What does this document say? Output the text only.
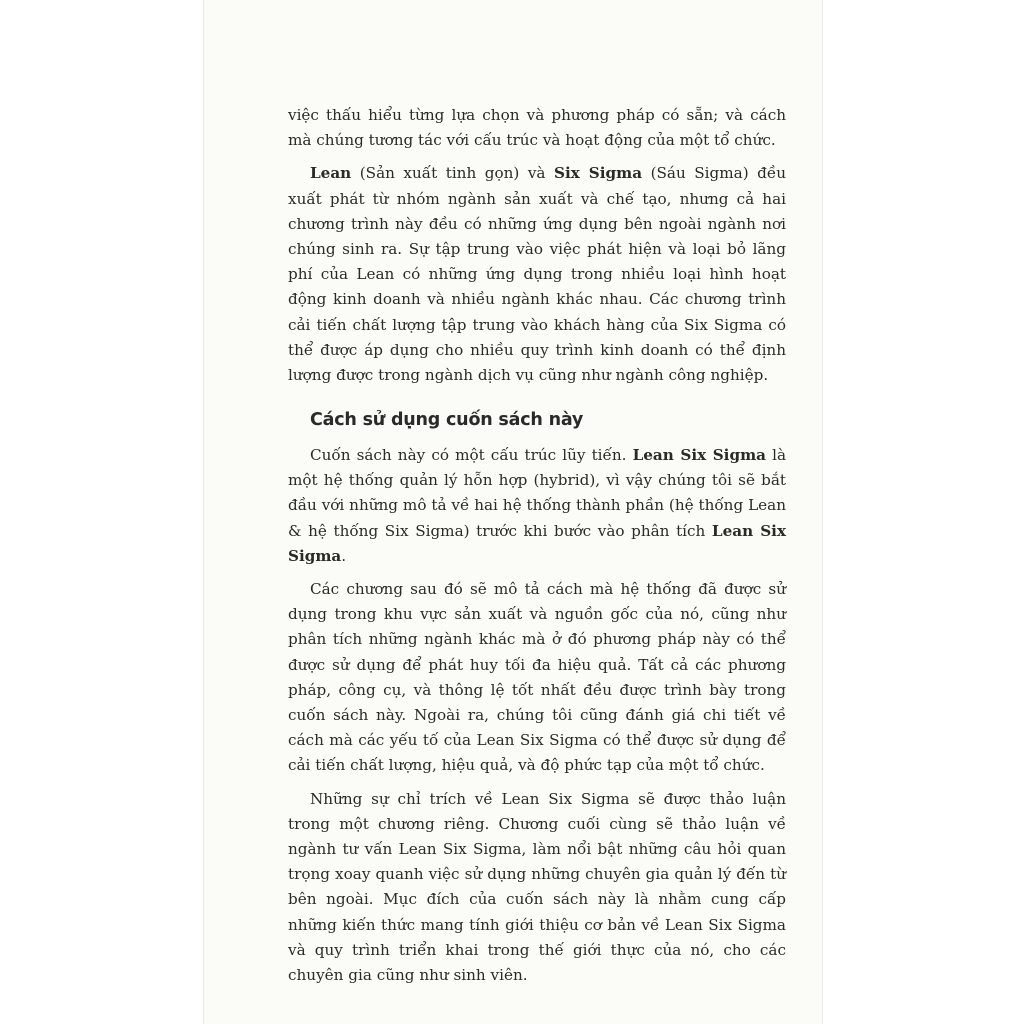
việc thấu hiểu từng lựa chọn và phương pháp có sẵn; và cách mà chúng tương tác với cấu trúc và hoạt động của một tổ chức.

Lean (Sản xuất tinh gọn) và Six Sigma (Sáu Sigma) đều xuất phát từ nhóm ngành sản xuất và chế tạo, nhưng cả hai chương trình này đều có những ứng dụng bên ngoài ngành nơi chúng sinh ra. Sự tập trung vào việc phát hiện và loại bỏ lãng phí của Lean có những ứng dụng trong nhiều loại hình hoạt động kinh doanh và nhiều ngành khác nhau. Các chương trình cải tiến chất lượng tập trung vào khách hàng của Six Sigma có thể được áp dụng cho nhiều quy trình kinh doanh có thể định lượng được trong ngành dịch vụ cũng như ngành công nghiệp.

Cách sử dụng cuốn sách này

Cuốn sách này có một cấu trúc lũy tiến. Lean Six Sigma là một hệ thống quản lý hỗn hợp (hybrid), vì vậy chúng tôi sẽ bắt đầu với những mô tả về hai hệ thống thành phần (hệ thống Lean & hệ thống Six Sigma) trước khi bước vào phân tích Lean Six Sigma.

Các chương sau đó sẽ mô tả cách mà hệ thống đã được sử dụng trong khu vực sản xuất và nguồn gốc của nó, cũng như phân tích những ngành khác mà ở đó phương pháp này có thể được sử dụng để phát huy tối đa hiệu quả. Tất cả các phương pháp, công cụ, và thông lệ tốt nhất đều được trình bày trong cuốn sách này. Ngoài ra, chúng tôi cũng đánh giá chi tiết về cách mà các yếu tố của Lean Six Sigma có thể được sử dụng để cải tiến chất lượng, hiệu quả, và độ phức tạp của một tổ chức.

Những sự chỉ trích về Lean Six Sigma sẽ được thảo luận trong một chương riêng. Chương cuối cùng sẽ thảo luận về ngành tư vấn Lean Six Sigma, làm nổi bật những câu hỏi quan trọng xoay quanh việc sử dụng những chuyên gia quản lý đến từ bên ngoài. Mục đích của cuốn sách này là nhằm cung cấp những kiến thức mang tính giới thiệu cơ bản về Lean Six Sigma và quy trình triển khai trong thế giới thực của nó, cho các chuyên gia cũng như sinh viên.
